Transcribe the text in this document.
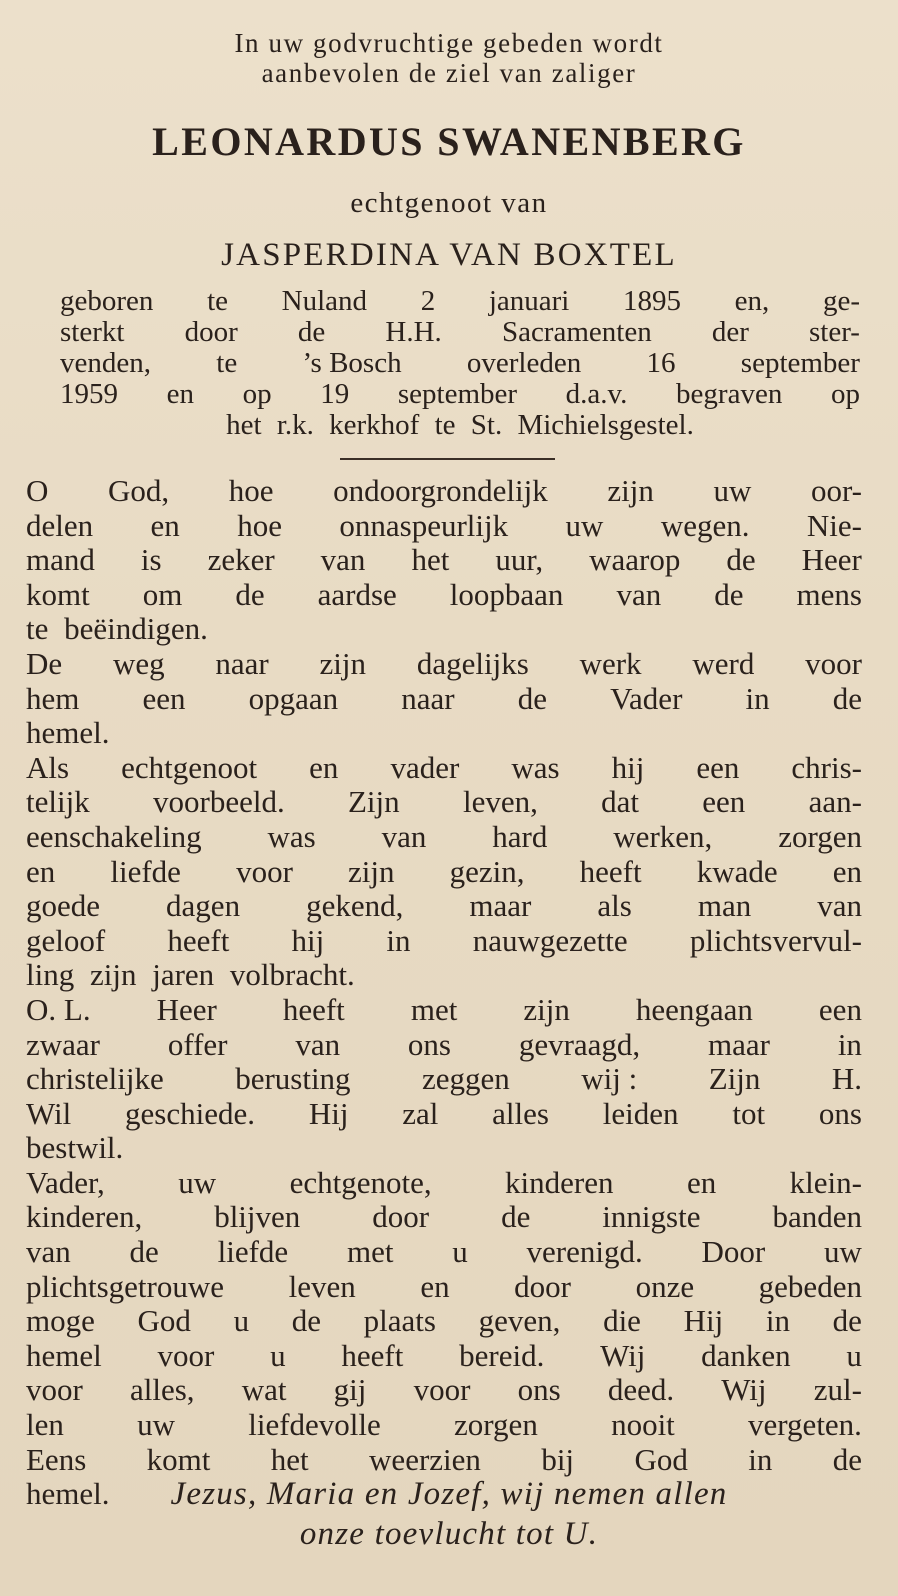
In uw godvruchtige gebeden wordt
aanbevolen de ziel van zaliger
LEONARDUS SWANENBERG
echtgenoot van
JASPERDINA VAN BOXTEL
geboren te Nuland 2 januari 1895 en, ge-
sterkt door de H.H. Sacramenten der ster-
venden, te ’s Bosch overleden 16 september
1959 en op 19 september d.a.v. begraven op
het r.k. kerkhof te St. Michielsgestel.
O God, hoe ondoorgrondelijk zijn uw oor-
delen en hoe onnaspeurlijk uw wegen. Nie-
mand is zeker van het uur, waarop de Heer
komt om de aardse loopbaan van de mens
te beëindigen.
De weg naar zijn dagelijks werk werd voor
hem een opgaan naar de Vader in de
hemel.
Als echtgenoot en vader was hij een chris-
telijk voorbeeld. Zijn leven, dat een aan-
eenschakeling was van hard werken, zorgen
en liefde voor zijn gezin, heeft kwade en
goede dagen gekend, maar als man van
geloof heeft hij in nauwgezette plichtsvervul-
ling zijn jaren volbracht.
O. L. Heer heeft met zijn heengaan een
zwaar offer van ons gevraagd, maar in
christelijke berusting zeggen wij : Zijn H.
Wil geschiede. Hij zal alles leiden tot ons
bestwil.
Vader, uw echtgenote, kinderen en klein-
kinderen, blijven door de innigste banden
van de liefde met u verenigd. Door uw
plichtsgetrouwe leven en door onze gebeden
moge God u de plaats geven, die Hij in de
hemel voor u heeft bereid. Wij danken u
voor alles, wat gij voor ons deed. Wij zul-
len uw liefdevolle zorgen nooit vergeten.
Eens komt het weerzien bij God in de
hemel.	Jezus, Maria en Jozef, wij nemen allen
onze toevlucht tot U.
